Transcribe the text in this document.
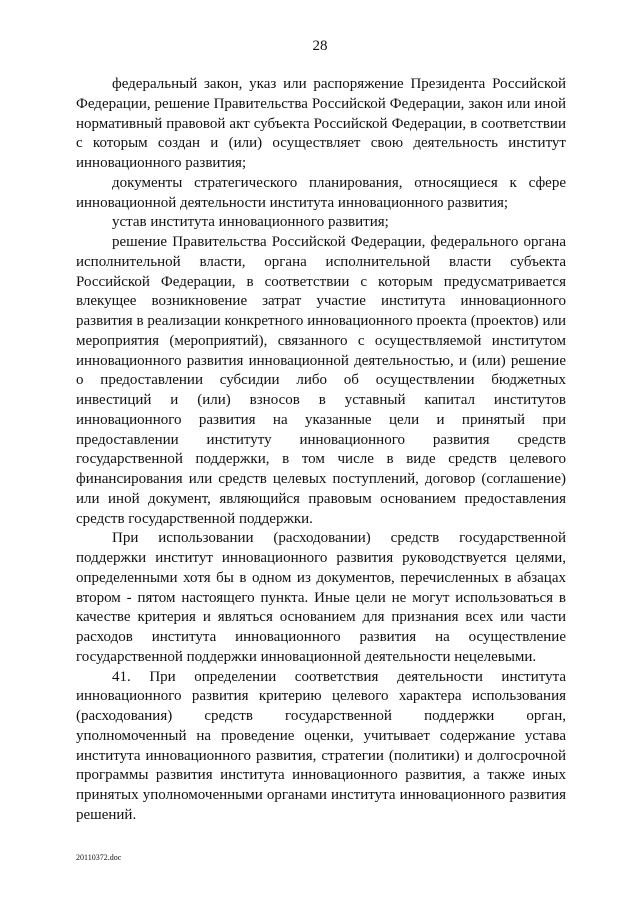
28

федеральный закон, указ или распоряжение Президента Российской Федерации, решение Правительства Российской Федерации, закон или иной нормативный правовой акт субъекта Российской Федерации, в соответствии с которым создан и (или) осуществляет свою деятельность институт инновационного развития;

документы стратегического планирования, относящиеся к сфере инновационной деятельности института инновационного развития;

устав института инновационного развития;

решение Правительства Российской Федерации, федерального органа исполнительной власти, органа исполнительной власти субъекта Российской Федерации, в соответствии с которым предусматривается влекущее возникновение затрат участие института инновационного развития в реализации конкретного инновационного проекта (проектов) или мероприятия (мероприятий), связанного с осуществляемой институтом инновационного развития инновационной деятельностью, и (или) решение о предоставлении субсидии либо об осуществлении бюджетных инвестиций и (или) взносов в уставный капитал институтов инновационного развития на указанные цели и принятый при предоставлении институту инновационного развития средств государственной поддержки, в том числе в виде средств целевого финансирования или средств целевых поступлений, договор (соглашение) или иной документ, являющийся правовым основанием предоставления средств государственной поддержки.

При использовании (расходовании) средств государственной поддержки институт инновационного развития руководствуется целями, определенными хотя бы в одном из документов, перечисленных в абзацах втором - пятом настоящего пункта. Иные цели не могут использоваться в качестве критерия и являться основанием для признания всех или части расходов института инновационного развития на осуществление государственной поддержки инновационной деятельности нецелевыми.

41. При определении соответствия деятельности института инновационного развития критерию целевого характера использования (расходования) средств государственной поддержки орган, уполномоченный на проведение оценки, учитывает содержание устава института инновационного развития, стратегии (политики) и долгосрочной программы развития института инновационного развития, а также иных принятых уполномоченными органами института инновационного развития решений.

20110372.doc
